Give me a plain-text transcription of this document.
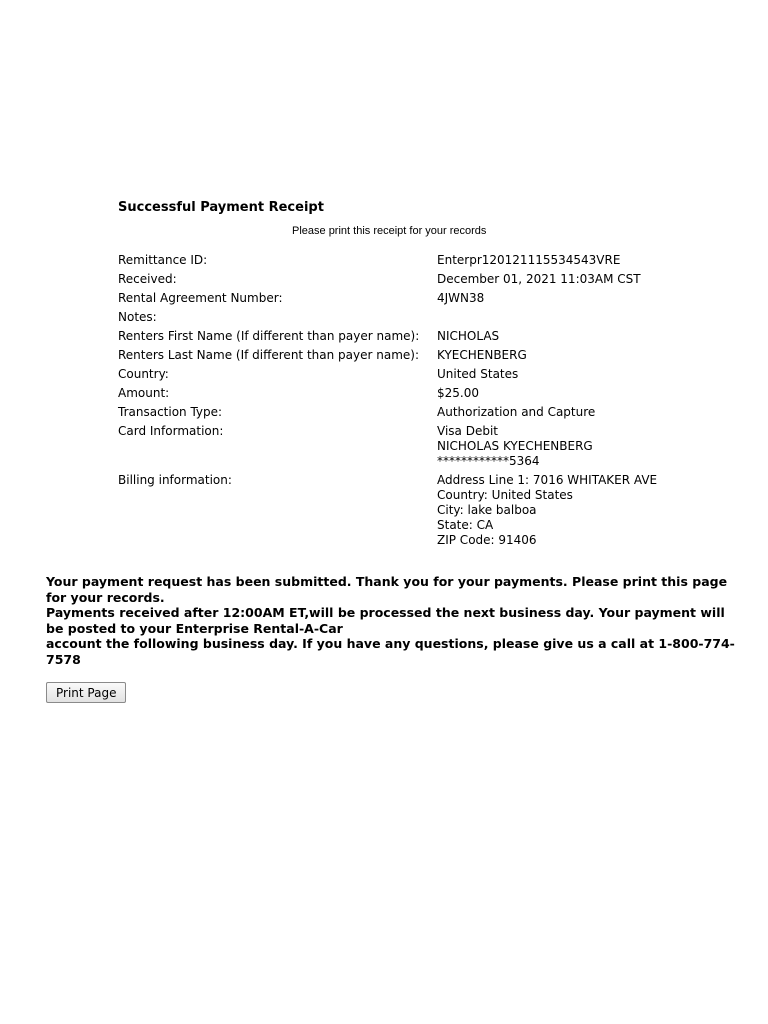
Successful Payment Receipt
Please print this receipt for your records
Remittance ID:	Enterpr120121115534543VRE
Received:	December 01, 2021 11:03AM CST
Rental Agreement Number:	4JWN38
Notes:
Renters First Name (If different than payer name):	NICHOLAS
Renters Last Name (If different than payer name):	KYECHENBERG
Country:	United States
Amount:	$25.00
Transaction Type:	Authorization and Capture
Card Information:	Visa Debit
NICHOLAS KYECHENBERG
************5364
Billing information:	Address Line 1: 7016 WHITAKER AVE
Country: United States
City: lake balboa
State: CA
ZIP Code: 91406

Your payment request has been submitted. Thank you for your payments. Please print this page for your records.

Payments received after 12:00AM ET,will be processed the next business day. Your payment will be posted to your Enterprise Rental-A-Car

account the following business day. If you have any questions, please give us a call at 1-800-774-7578

Print Page
